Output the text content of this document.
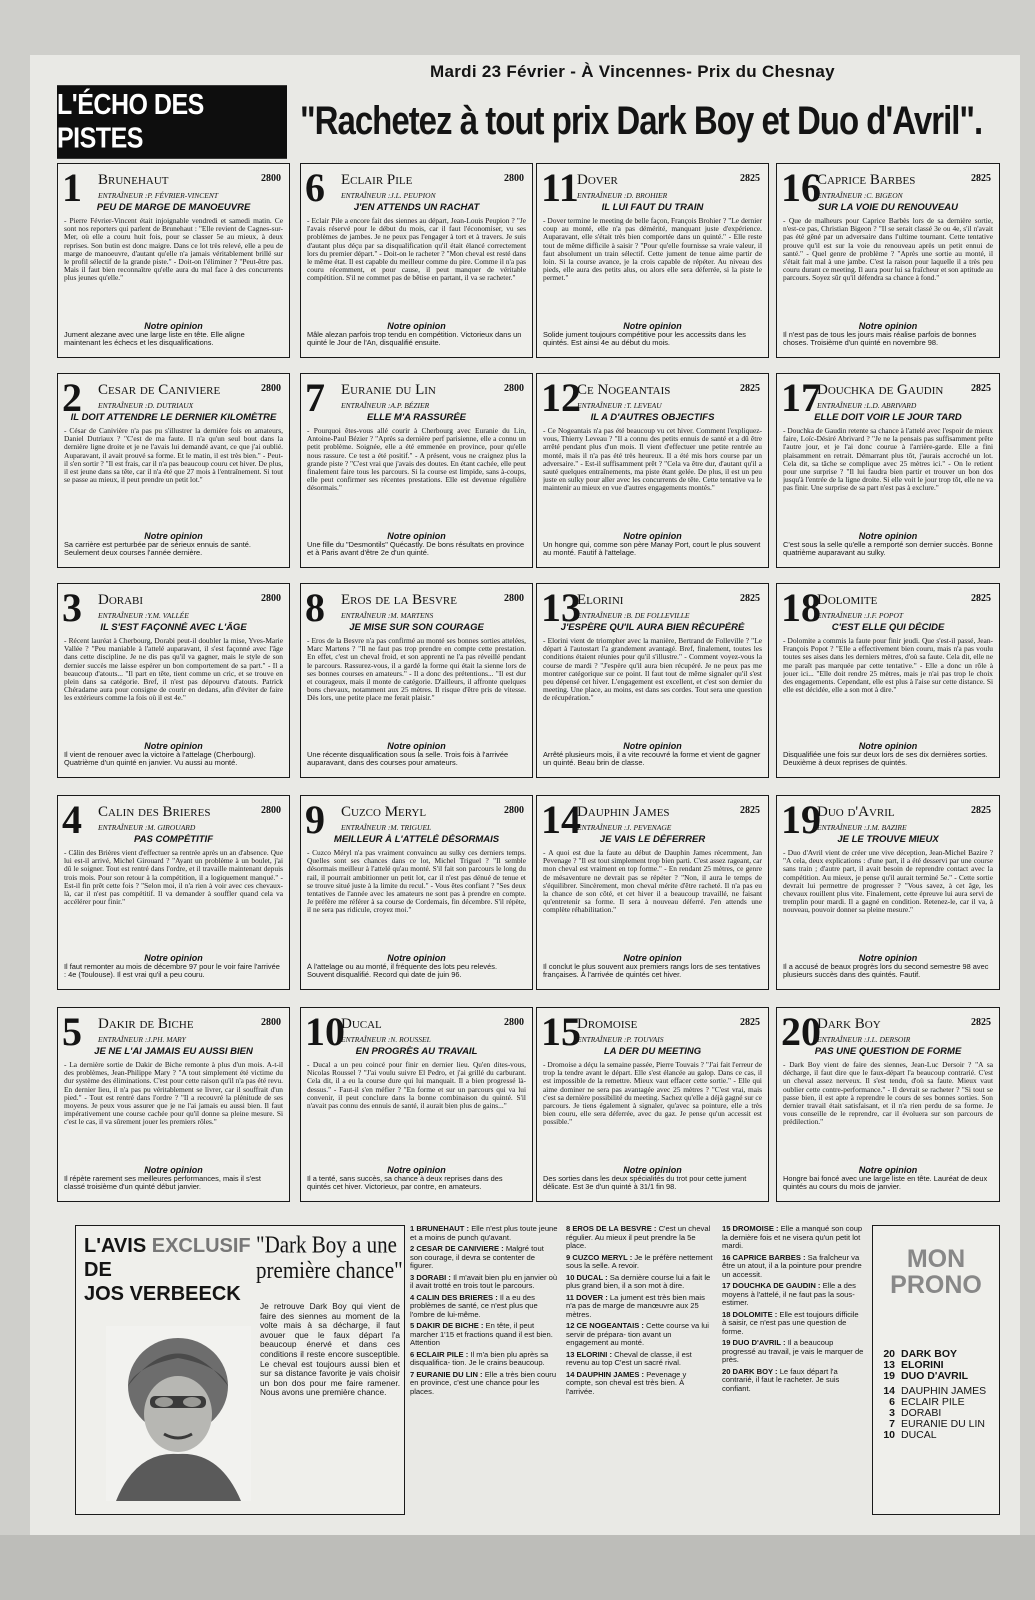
Mardi 23 Février - À Vincennes- Prix du Chesnay
L'ÉCHO DES PISTES	"Rachetez à tout prix Dark Boy et Duo d'Avril".
1 Brunehaut	2800
ENTRAÎNEUR :P. FÉVRIER-VINCENT
PEU DE MARGE DE MANOEUVRE
- Pierre Février-Vincent était injoignable vendredi et samedi matin. Ce sont nos reporters qui parlent de Brunehaut : "Elle revient de Cagnes-sur-Mer, où elle a couru huit fois, pour se classer 5e au mieux, à deux reprises. Son butin est donc maigre. Dans ce lot très relevé, elle a peu de marge de manoeuvre, d'autant qu'elle n'a jamais véritablement brillé sur le profil sélectif de la grande piste." - Doit-on l'éliminer ? "Peut-être pas. Mais il faut bien reconnaître qu'elle aura du mal face à des concurrents plus jeunes qu'elle."
Notre opinion
Jument alezane avec une large liste en tête. Elle aligne maintenant les échecs et les disqualifications.
2 Cesar de Caniviere	2800
ENTRAÎNEUR :D. DUTRIAUX
IL DOIT ATTENDRE LE DERNIER KILOMÈTRE
- César de Canivière n'a pas pu s'illustrer la dernière fois en amateurs, Daniel Dutriaux ? "C'est de ma faute. Il n'a qu'un seul bout dans la dernière ligne droite et je ne l'avais lui demandé avant, ce que j'ai oublié. Auparavant, il avait prouvé sa forme. Et le matin, il est très bien." - Peut-il s'en sortir ? "Il est frais, car il n'a pas beaucoup couru cet hiver. De plus, il est jeune dans sa tête, car il n'a été que 27 mois à l'entraînement. Si tout se passe au mieux, il peut prendre un petit lot."
Notre opinion
Sa carrière est perturbée par de sérieux ennuis de santé. Seulement deux courses l'année dernière.
3 Dorabi	2800
ENTRAÎNEUR :Y.M. VALLÉE
IL S'EST FAÇONNÉ AVEC L'ÂGE
- Récent lauréat à Cherbourg, Dorabi peut-il doubler la mise, Yves-Marie Vallée ? "Peu maniable à l'attelé auparavant, il s'est façonné avec l'âge dans cette discipline. Je ne dis pas qu'il va gagner, mais le style de son dernier succès me laisse espérer un bon comportement de sa part." - Il a beaucoup d'atouts... "Il part en tête, tient comme un cric, et se trouve en plein dans sa catégorie. Bref, il n'est pas dépourvu d'atouts. Patrick Chéradame aura pour consigne de courir en dedans, afin d'éviter de faire les extérieurs comme la fois où il est 4e."
Notre opinion
Il vient de renouer avec la victoire à l'attelage (Cherbourg). Quatrième d'un quinté en janvier. Vu aussi au monté.
4 Calin des Brieres	2800
ENTRAÎNEUR :M. GIROUARD
PAS COMPÉTITIF
- Câlin des Brières vient d'effectuer sa rentrée après un an d'absence. Que lui est-il arrivé, Michel Girouard ? "Ayant un problème à un boulet, j'ai dû le soigner. Tout est rentré dans l'ordre, et il travaille maintenant depuis trois mois. Pour son retour à la compétition, il a logiquement manqué." - Est-il fin prêt cette fois ? "Selon moi, il n'a rien à voir avec ces chevaux-là, car il n'est pas compétitif. Il va demander à souffler quand cela va accélérer pour finir."
Notre opinion
Il faut remonter au mois de décembre 97 pour le voir faire l'arrivée : 4e (Toulouse). Il est vrai qu'il a peu couru.
5 Dakir de Biche	2800
ENTRAÎNEUR :J.PH. MARY
JE NE L'AI JAMAIS EU AUSSI BIEN
- La dernière sortie de Dakir de Biche remonte à plus d'un mois. A-t-il des problèmes, Jean-Philippe Mary ? "A tout simplement été victime du dur système des éliminations. C'est pour cette raison qu'il n'a pas été revu. En dernier lieu, il n'a pas pu véritablement se livrer, car il souffrait d'un pied." - Tout est rentré dans l'ordre ? "Il a recouvré la plénitude de ses moyens. Je peux vous assurer que je ne l'ai jamais eu aussi bien. Il faut impérativement une course cachée pour qu'il donne sa pleine mesure. Si c'est le cas, il va sûrement jouer les premiers rôles."
Notre opinion
Il répète rarement ses meilleures performances, mais il s'est classé troisième d'un quinté début janvier.
6 Eclair Pile	2800
ENTRAÎNEUR :J.L. PEUPION
J'EN ATTENDS UN RACHAT
- Eclair Pile a encore fait des siennes au départ, Jean-Louis Peupion ? "Je l'avais réservé pour le début du mois, car il faut l'économiser, vu ses problèmes de jambes. Je ne peux pas l'engager à tort et à travers. Je suis d'autant plus déçu par sa disqualification qu'il était élancé correctement lors du premier départ." - Doit-on le racheter ? "Mon cheval est resté dans le même état. Il est capable du meilleur comme du pire. Comme il n'a pas couru récemment, et pour cause, il peut manquer de véritable compétition. S'il ne commet pas de bêtise en partant, il va se racheter."
Notre opinion
Mâle alezan parfois trop tendu en compétition. Victorieux dans un quinté le Jour de l'An, disqualifié ensuite.
7 Euranie du Lin	2800
ENTRAÎNEUR :A.P. BÉZIER
ELLE M'A RASSURÉE
- Pourquoi êtes-vous allé courir à Cherbourg avec Euranie du Lin, Antoine-Paul Bézier ? "Après sa dernière perf parisienne, elle a connu un petit problème. Soignée, elle a été emmenée en province, pour qu'elle nous rassure. Ce test a été positif." - A présent, vous ne craignez plus la grande piste ? "C'est vrai que j'avais des doutes. En étant cachée, elle peut finalement faire tous les parcours. Si la course est limpide, sans à-coups, elle peut confirmer ses récentes prestations. Elle est devenue régulière désormais."
Notre opinion
Une fille du "Desmontils" Quécastly. De bons résultats en province et à Paris avant d'être 2e d'un quinté.
8 Eros de la Besvre	2800
ENTRAÎNEUR :M. MARTENS
JE MISE SUR SON COURAGE
- Eros de la Besvre n'a pas confirmé au monté ses bonnes sorties attelées, Marc Martens ? "Il ne faut pas trop prendre en compte cette prestation. En effet, c'est un cheval froid, et son apprenti ne l'a pas réveillé pendant le parcours. Rassurez-vous, il a gardé la forme qui était la sienne lors de ses bonnes courses en amateurs." - Il a donc des prétentions... "Il est dur et courageux, mais il monte de catégorie. D'ailleurs, il affronte quelques bons chevaux, notamment aux 25 mètres. Il risque d'être pris de vitesse. Dès lors, une petite place me ferait plaisir."
Notre opinion
Une récente disqualification sous la selle. Trois fois à l'arrivée auparavant, dans des courses pour amateurs.
9 Cuzco Meryl	2800
ENTRAÎNEUR :M. TRIGUEL
MEILLEUR À L'ATTELÉ DÉSORMAIS
- Cuzco Méryl n'a pas vraiment convaincu au sulky ces derniers temps. Quelles sont ses chances dans ce lot, Michel Triguel ? "Il semble désormais meilleur à l'attelé qu'au monté. S'il fait son parcours le long du rail, il pourrait ambitionner un petit lot, car il n'est pas dénué de tenue et se trouve situé juste à la limite du recul." - Vous êtes confiant ? "Ses deux tentatives de l'année avec les amateurs ne sont pas à prendre en compte. Je préfère me référer à sa course de Cordemais, fin décembre. S'il répète, il ne sera pas ridicule, croyez moi."
Notre opinion
À l'attelage ou au monté, il fréquente des lots peu relevés. Souvent disqualifié. Record qui date de juin 96.
10
Ducal	2800
ENTRAÎNEUR :N. ROUSSEL
EN PROGRÈS AU TRAVAIL
- Ducal a un peu coincé pour finir en dernier lieu. Qu'en dites-vous, Nicolas Roussel ? "J'ai voulu suivre El Pedro, et j'ai grillé du carburant. Cela dit, il a eu la course dure qui lui manquait. Il a bien progressé là-dessus." - Faut-il s'en méfier ? "En forme et sur un parcours qui va lui convenir, il peut conclure dans la bonne combinaison du quinté. S'il n'avait pas connu des ennuis de santé, il aurait bien plus de gains..."
Notre opinion
Il a tenté, sans succès, sa chance à deux reprises dans des quintés cet hiver. Victorieux, par contre, en amateurs.
11
Dover	2825
ENTRAÎNEUR :D. BROHIER
IL LUI FAUT DU TRAIN
- Dover termine le meeting de belle façon, François Brohier ? "Le dernier coup au monté, elle n'a pas démérité, manquant juste d'expérience. Auparavant, elle s'était très bien comportée dans un quinté." - Elle reste tout de même difficile à saisir ? "Pour qu'elle fournisse sa vraie valeur, il faut absolument un train sélectif. Cette jument de tenue aime partir de loin. Si la course avance, je la crois capable de répéter. Au niveau des pieds, elle aura des petits alus, ou alors elle sera déferrée, si la piste le permet."
Notre opinion
Solide jument toujours compétitive pour les accessits dans les quintés. Est ainsi 4e au début du mois.
12
Ce Nogeantais	2825
ENTRAÎNEUR :T. LEVEAU
IL A D'AUTRES OBJECTIFS
- Ce Nogeantais n'a pas été beaucoup vu cet hiver. Comment l'expliquez-vous, Thierry Leveau ? "Il a connu des petits ennuis de santé et a dû être arrêté pendant plus d'un mois. Il vient d'effectuer une petite rentrée au monté, mais il n'a pas été très heureux. Il a été mis hors course par un adversaire." - Est-il suffisamment prêt ? "Cela va être dur, d'autant qu'il a sauté quelques entraînements, ma piste étant gelée. De plus, il est un peu juste en sulky pour aller avec les concurrents de tête. Cette tentative va le maintenir au mieux en vue d'autres engagements montés."
Notre opinion
Un hongre qui, comme son père Manay Port, court le plus souvent au monté. Fautif à l'attelage.
13
Elorini	2825
ENTRAÎNEUR :B. DE FOLLEVILLE
J'ESPÈRE QU'IL AURA BIEN RÉCUPÉRÉ
- Elorini vient de triompher avec la manière, Bertrand de Folleville ? "Le départ à l'autostart l'a grandement avantagé. Bref, finalement, toutes les conditions étaient réunies pour qu'il s'illustre." - Comment voyez-vous la course de mardi ? "J'espère qu'il aura bien récupéré. Je ne peux pas me montrer catégorique sur ce point. Il faut tout de même signaler qu'il s'est peu dépensé cet hiver. L'engagement est excellent, et c'est son dernier du meeting. Une place, au moins, est dans ses cordes. Tout sera une question de récupération."
Notre opinion
Arrêté plusieurs mois, il a vite recouvré la forme et vient de gagner un quinté. Beau brin de classe.
14
Dauphin James	2825
ENTRAÎNEUR :J. PEVENAGE
JE VAIS LE DÉFERRER
- A quoi est due la faute au début de Dauphin James récemment, Jan Pevenage ? "Il est tout simplement trop bien parti. C'est assez rageant, car mon cheval est vraiment en top forme." - En rendant 25 mètres, ce genre de mésaventure ne devrait pas se répéter ? "Non, il aura le temps de s'équilibrer. Sincèrement, mon cheval mérite d'être racheté. Il n'a pas eu la chance de son côté, et cet hiver il a beaucoup travaillé, ne faisant qu'entretenir sa forme. Il sera à nouveau déferré. J'en attends une complète réhabilitation."
Notre opinion
Il conclut le plus souvent aux premiers rangs lors de ses tentatives françaises. À l'arrivée de quintés cet hiver.
15
Dromoise	2825
ENTRAÎNEUR :P. TOUVAIS
LA DER DU MEETING
- Dromoise a déçu la semaine passée, Pierre Touvais ? "J'ai fait l'erreur de trop la tendre avant le départ. Elle s'est élancée au galop. Dans ce cas, il est impossible de la remettre. Mieux vaut effacer cette sortie." - Elle qui aime dominer ne sera pas avantagée avec 25 mètres ? "C'est vrai, mais c'est sa dernière possibilité du meeting. Sachez qu'elle a déjà gagné sur ce parcours. Je tiens également à signaler, qu'avec sa pointure, elle a très bien couru, elle sera déferrée, avec du gaz. Je pense qu'un accessit est possible."
Notre opinion
Des sorties dans les deux spécialités du trot pour cette jument délicate. Est 3e d'un quinté à 31/1 fin 98.
16
Caprice Barbes	2825
ENTRAÎNEUR :C. BIGEON
SUR LA VOIE DU RENOUVEAU
- Que de malheurs pour Caprice Barbès lors de sa dernière sortie, n'est-ce pas, Christian Bigeon ? "Il se serait classé 3e ou 4e, s'il n'avait pas été gêné par un adversaire dans l'ultime tournant. Cette tentative prouve qu'il est sur la voie du renouveau après un petit ennui de santé." - Quel genre de problème ? "Après une sortie au monté, il s'était fait mal à une jambe. C'est la raison pour laquelle il a très peu couru durant ce meeting. Il aura pour lui sa fraîcheur et son aptitude au parcours. Soyez sûr qu'il défendra sa chance à fond."
Notre opinion
Il n'est pas de tous les jours mais réalise parfois de bonnes choses. Troisième d'un quinté en novembre 98.
17
Douchka de Gaudin	2825
ENTRAÎNEUR :L.D. ABRIVARD
ELLE DOIT VOIR LE JOUR TARD
- Douchka de Gaudin retente sa chance à l'attelé avec l'espoir de mieux faire, Loïc-Désiré Abrivard ? "Je ne la pensais pas suffisamment prête l'autre jour, et je l'ai donc courue à l'arrière-garde. Elle a fini plaisamment en retrait. Démarrant plus tôt, j'aurais accroché un lot. Cela dit, sa tâche se complique avec 25 mètres ici." - On le retient pour une surprise ? "Il lui faudra bien partir et trouver un bon dos jusqu'à l'entrée de la ligne droite. Si elle voit le jour trop tôt, elle ne va pas finir. Une surprise de sa part n'est pas à exclure."
Notre opinion
C'est sous la selle qu'elle a remporté son dernier succès. Bonne quatrième auparavant au sulky.
18
Dolomite	2825
ENTRAÎNEUR :J.F. POPOT
C'EST ELLE QUI DÉCIDE
- Dolomite a commis la faute pour finir jeudi. Que s'est-il passé, Jean-François Popot ? "Elle a effectivement bien couru, mais n'a pas voulu toutes ses aises dans les derniers mètres, d'où sa faute. Cela dit, elle ne me paraît pas marquée par cette tentative." - Elle a donc un rôle à jouer ici... "Elle doit rendre 25 mètres, mais je n'ai pas trop le choix des engagements. Cependant, elle est plus à l'aise sur cette distance. Si elle est décidée, elle a son mot à dire."
Notre opinion
Disqualifiée une fois sur deux lors de ses dix dernières sorties. Deuxième à deux reprises de quintés.
19
Duo d'Avril	2825
ENTRAÎNEUR :J.M. BAZIRE
JE LE TROUVE MIEUX
- Duo d'Avril vient de créer une vive déception, Jean-Michel Bazire ? "A cela, deux explications : d'une part, il a été desservi par une course sans train ; d'autre part, il avait besoin de reprendre contact avec la compétition. Au mieux, je pense qu'il aurait terminé 5e." - Cette sortie devrait lui permettre de progresser ? "Vous savez, à cet âge, les chevaux rouillent plus vite. Finalement, cette épreuve lui aura servi de tremplin pour mardi. Il a gagné en condition. Retenez-le, car il va, à nouveau, pouvoir donner sa pleine mesure."
Notre opinion
Il a accusé de beaux progrès lors du second semestre 98 avec plusieurs succès dans des quintés. Fautif.
20
Dark Boy	2825
ENTRAÎNEUR :J.L. DERSOIR
PAS UNE QUESTION DE FORME
- Dark Boy vient de faire des siennes, Jean-Luc Dersoir ? "A sa décharge, il faut dire que le faux-départ l'a beaucoup contrarié. C'est un cheval assez nerveux. Il s'est tendu, d'où sa faute. Mieux vaut oublier cette contre-performance." - Il devrait se racheter ? "Si tout se passe bien, il est apte à reprendre le cours de ses bonnes sorties. Son dernier travail était satisfaisant, et il n'a rien perdu de sa forme. Je vous conseille de le reprendre, car il évoluera sur son parcours de prédilection."
Notre opinion
Hongre bai foncé avec une large liste en tête. Lauréat de deux quintés au cours du mois de janvier.
L'AVIS EXCLUSIF DE
JOS VERBEECK
"Dark Boy a une première chance"
Je retrouve Dark Boy qui vient de faire des siennes au moment de la volte mais à sa décharge, il faut avouer que le faux départ l'a beaucoup énervé et dans ces conditions il reste encore susceptible. Le cheval est toujours aussi bien et sur sa distance favorite je vais choisir un bon dos pour me faire ramener. Nous avons une première chance.

1 BRUNEHAUT : Elle n'est plus toute jeune et a moins de punch qu'avant.

2 CESAR DE CANIVIERE : Malgré tout son courage, il devra se contenter de figurer.

3 DORABI : Il m'avait bien plu en janvier où il avait trotté en trois tout le parcours.

4 CALIN DES BRIERES : Il a eu des problèmes de santé, ce n'est plus que l'ombre de lui-même.

5 DAKIR DE BICHE : En tête, il peut marcher 1'15 et fractions quand il est bien. Attention

6 ECLAIR PILE : Il m'a bien plu après sa disqualifica- tion. Je le crains beaucoup.

7 EURANIE DU LIN : Elle a très bien couru en province, c'est une chance pour les places.

8 EROS DE LA BESVRE : C'est un cheval régulier. Au mieux il peut prendre la 5e place.

9 CUZCO MERYL : Je le préfère nettement sous la selle. A revoir.

10 DUCAL : Sa dernière course lui a fait le plus grand bien, il a son mot à dire.

11 DOVER : La jument est très bien mais n'a pas de marge de manœuvre aux 25 mètres.

12 CE NOGEANTAIS : Cette course va lui servir de prépara- tion avant un engagement au monté.

13 ELORINI : Cheval de classe, il est revenu au top C'est un sacré rival.

14 DAUPHIN JAMES : Pevenage y compte, son cheval est très bien. À l'arrivée.

15 DROMOISE : Elle a manqué son coup la dernière fois et ne visera qu'un petit lot mardi.

16 CAPRICE BARBES : Sa fraîcheur va être un atout, il a la pointure pour prendre un accessit.

17 DOUCHKA DE GAUDIN : Elle a des moyens à l'attelé, il ne faut pas la sous-estimer.

18 DOLOMITE : Elle est toujours difficile à saisir, ce n'est pas une question de forme.

19 DUO D'AVRIL : Il a beaucoup progressé au travail, je vais le marquer de près.

20 DARK BOY : Le faux départ l'a contrarié, il faut le racheter. Je suis confiant.

MON
PRONO
20 DARK BOY
13 ELORINI
19 DUO D'AVRIL
14 DAUPHIN JAMES
6 ECLAIR PILE
3 DORABI
7 EURANIE DU LIN
10 DUCAL
